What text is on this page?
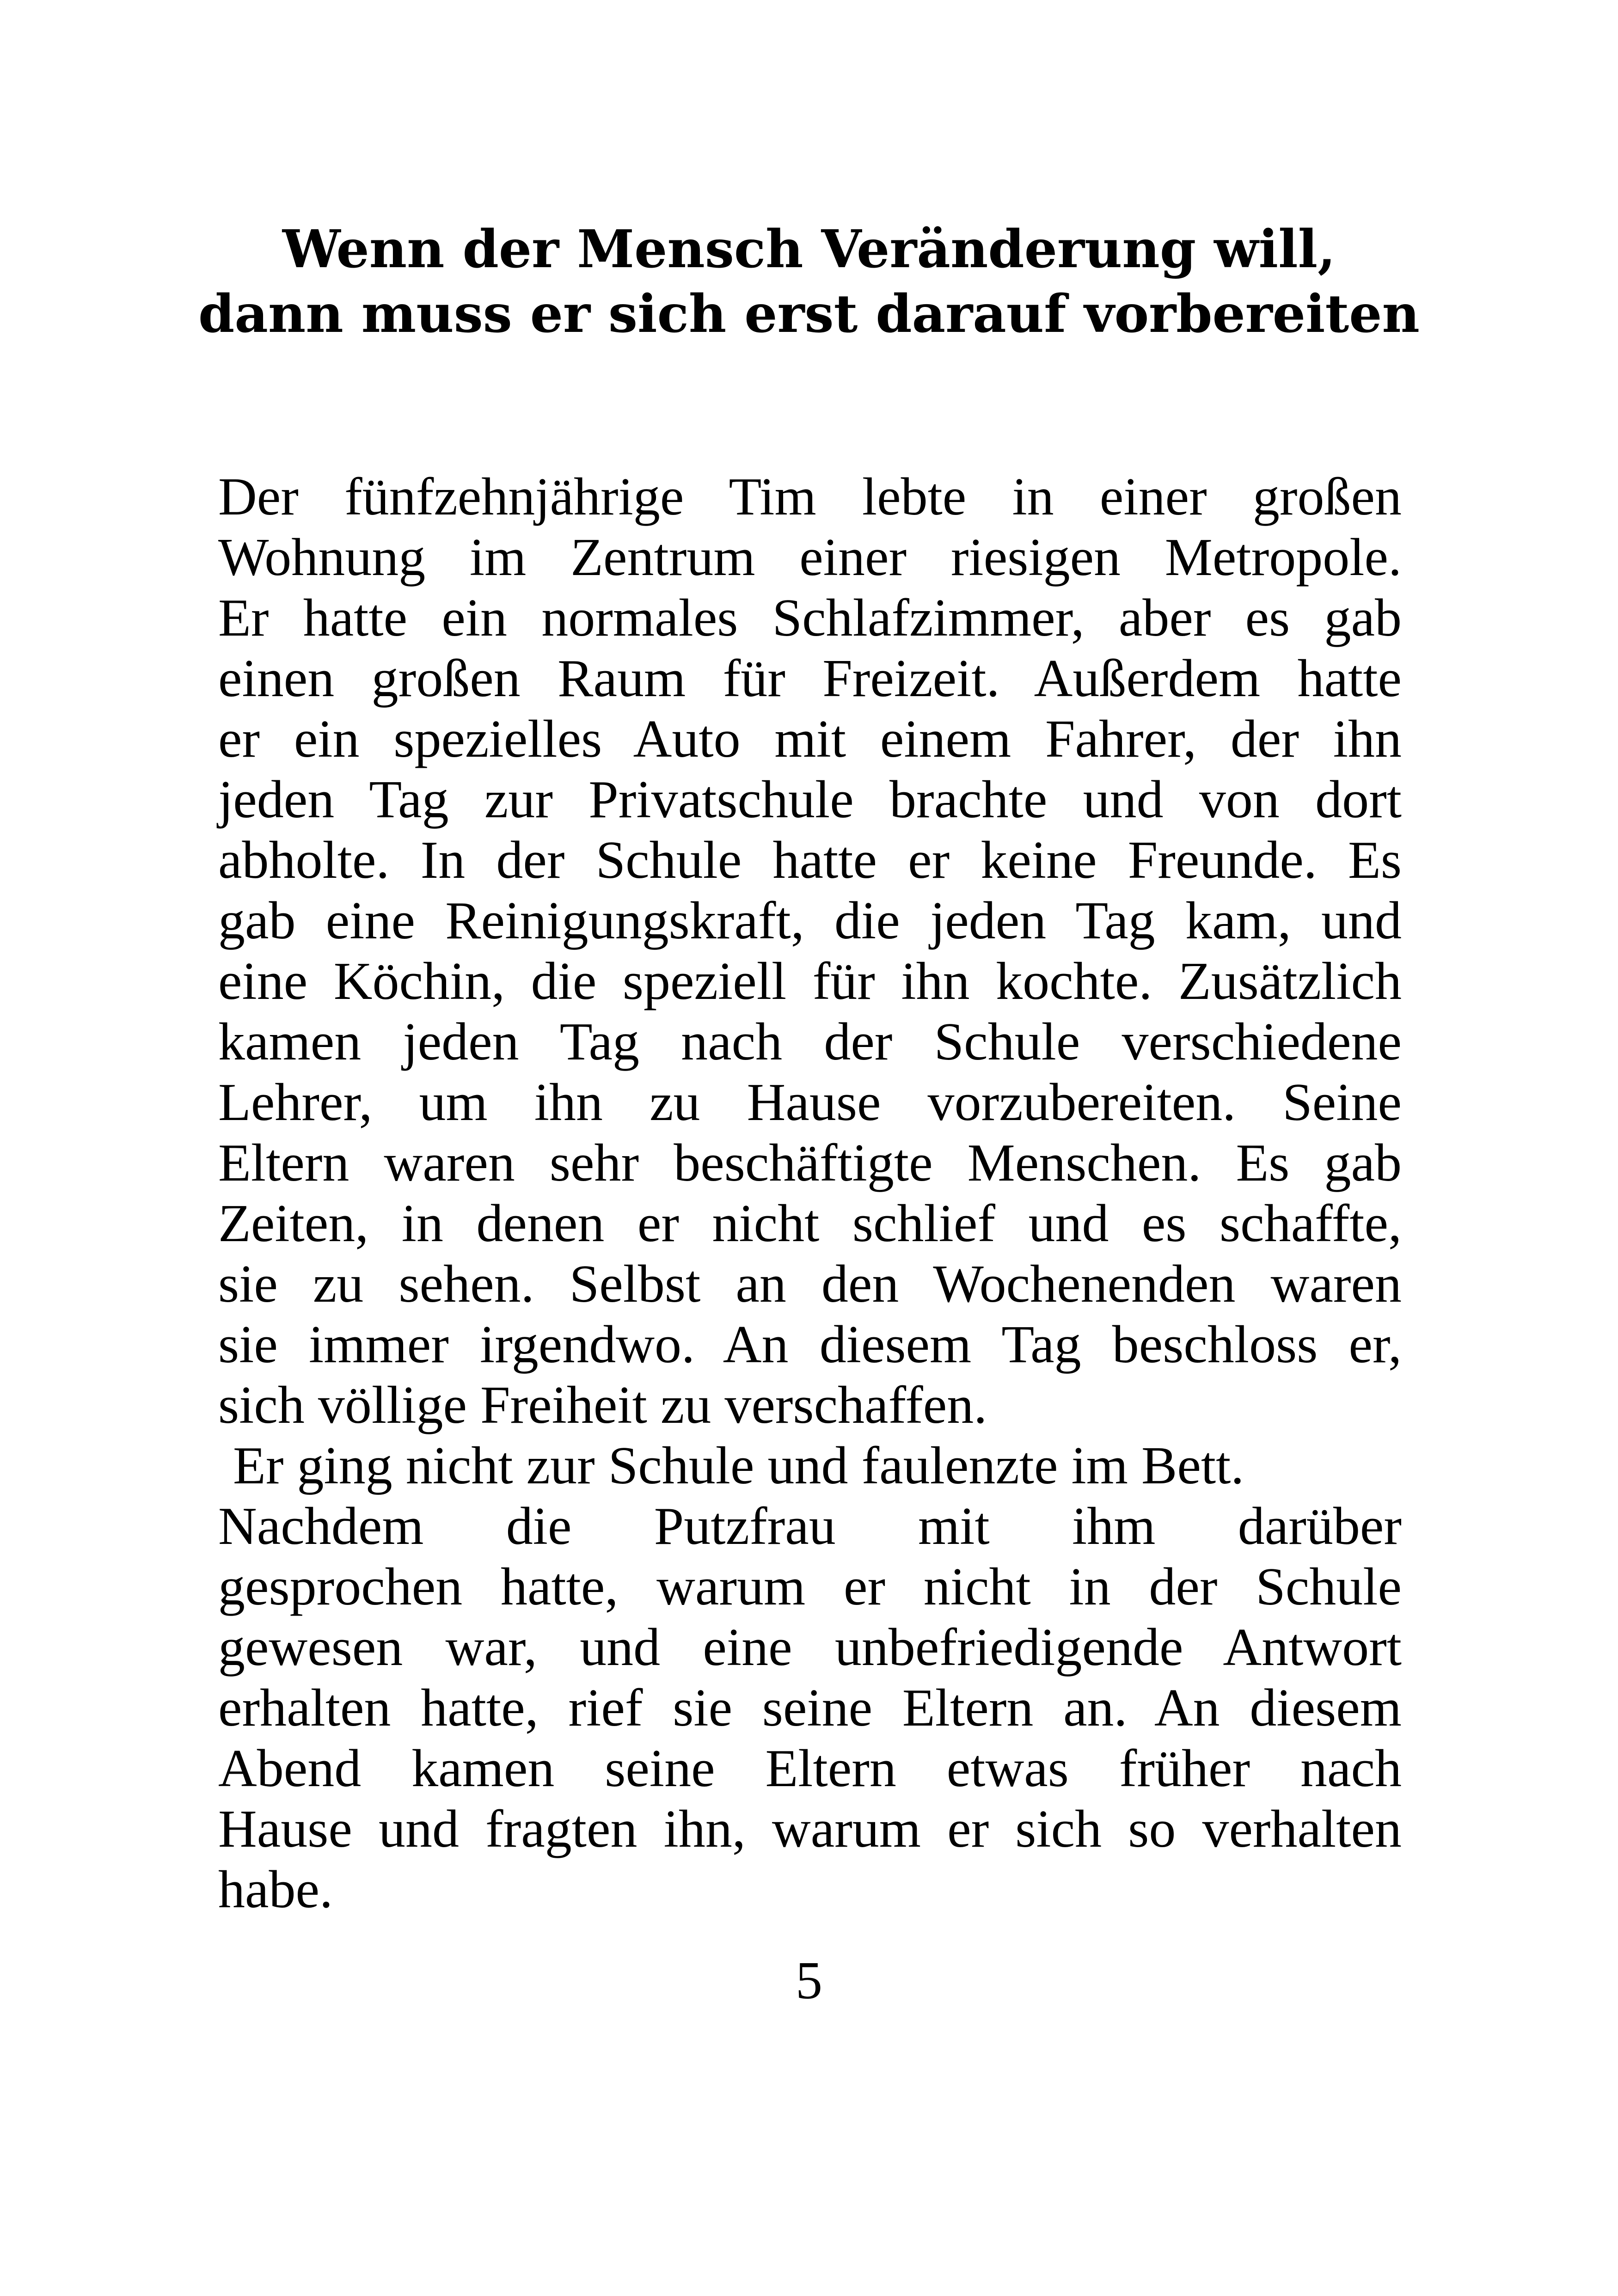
Wenn der Mensch Veränderung will,
dann muss er sich erst darauf vorbereiten
Der fünfzehnjährige Tim lebte in einer großen
Wohnung im Zentrum einer riesigen Metropole.
Er hatte ein normales Schlafzimmer, aber es gab
einen großen Raum für Freizeit. Außerdem hatte
er ein spezielles Auto mit einem Fahrer, der ihn
jeden Tag zur Privatschule brachte und von dort
abholte. In der Schule hatte er keine Freunde. Es
gab eine Reinigungskraft, die jeden Tag kam, und
eine Köchin, die speziell für ihn kochte. Zusätzlich
kamen jeden Tag nach der Schule verschiedene
Lehrer, um ihn zu Hause vorzubereiten. Seine
Eltern waren sehr beschäftigte Menschen. Es gab
Zeiten, in denen er nicht schlief und es schaffte,
sie zu sehen. Selbst an den Wochenenden waren
sie immer irgendwo. An diesem Tag beschloss er,
sich völlige Freiheit zu verschaffen.
Er ging nicht zur Schule und faulenzte im Bett.
Nachdem die Putzfrau mit ihm darüber
gesprochen hatte, warum er nicht in der Schule
gewesen war, und eine unbefriedigende Antwort
erhalten hatte, rief sie seine Eltern an. An diesem
Abend kamen seine Eltern etwas früher nach
Hause und fragten ihn, warum er sich so verhalten
habe.
5
